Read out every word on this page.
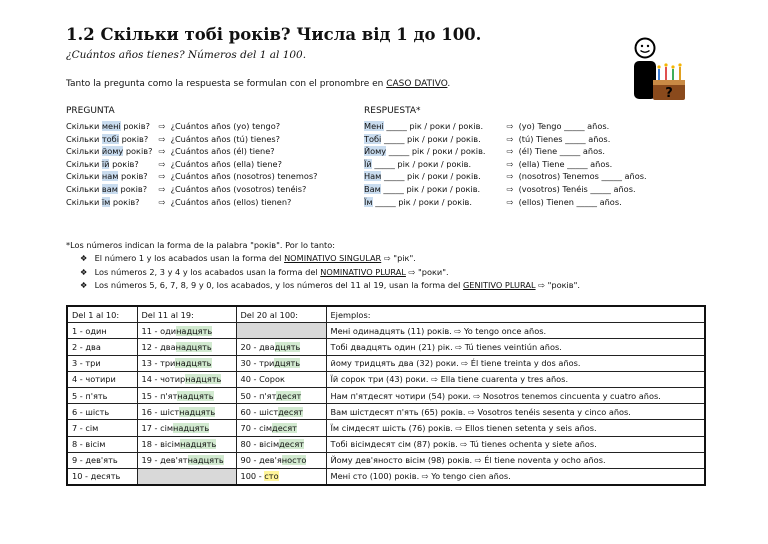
1.2 Скільки тобі років? Числа від 1 до 100.
¿Cuántos años tienes? Números del 1 al 100.
Tanto la pregunta como la respuesta se formulan con el pronombre en CASO DATIVO.
PREGUNTA	RESPUESTA*
Скільки мені років? ⇨ ¿Cuántos años (yo) tengo?
Скільки тобі років? ⇨ ¿Cuántos años (tú) tienes?
Скільки йому років? ⇨ ¿Cuántos años (él) tiene?
Скільки їй років? ⇨ ¿Cuántos años (ella) tiene?
Скільки нам років? ⇨ ¿Cuántos años (nosotros) tenemos?
Скільки вам років? ⇨ ¿Cuántos años (vosotros) tenéis?
Скільки їм років? ⇨ ¿Cuántos años (ellos) tienen?
Мені _____ рік / роки / років.	⇨ (yo) Tengo _____ años.
Тобі _____ рік / роки / років.	⇨ (tú) Tienes _____ años.
Йому _____ рік / роки / років.	⇨ (él) Tiene _____ años.
Їй _____ рік / роки / років.	⇨ (ella) Tiene _____ años.
Нам _____ рік / роки / років.	⇨ (nosotros) Tenemos _____ años.
Вам _____ рік / роки / років.	⇨ (vosotros) Tenéis _____ años.
Їм _____ рік / роки / років.	⇨ (ellos) Tienen _____ años.
*Los números indican la forma de la palabra "років". Por lo tanto:
❖ El número 1 y los acabados usan la forma del NOMINATIVO SINGULAR ⇨ "рік".
❖ Los números 2, 3 y 4 y los acabados usan la forma del NOMINATIVO PLURAL ⇨ "роки".
❖ Los números 5, 6, 7, 8, 9 y 0, los acabados, y los números del 11 al 19, usan la forma del GENITIVO PLURAL ⇨ "років".
Del 1 al 10:	Del 11 al 19:	Del 20 al 100:	Ejemplos:
1 - один	11 - одинадцять		Мені одинадцять (11) років. ⇨ Yo tengo once años.
2 - два	12 - дванадцять	20 - двадцять	Тобі двадцять один (21) рік. ⇨ Tú tienes veintiún años.
3 - три	13 - тринадцять	30 - тридцять	йому тридцять два (32) роки. ⇨ Él tiene treinta y dos años.
4 - чотири	14 - чотирнадцять	40 - Сорок	Їй сорок три (43) роки. ⇨ Ella tiene cuarenta y tres años.
5 - п'ять	15 - п'ятнадцять	50 - п'ятдесят	Нам п'ятдесят чотири (54) роки. ⇨ Nosotros tenemos cincuenta y cuatro años.
6 - шість	16 - шістнадцять	60 - шістдесят	Вам шістдесят п'ять (65) років. ⇨ Vosotros tenéis sesenta y cinco años.
7 - сім	17 - сімнадцять	70 - сімдесят	Їм сімдесят шість (76) років. ⇨ Ellos tienen setenta y seis años.
8 - вісім	18 - вісімнадцять	80 - вісімдесят	Тобі вісімдесят сім (87) років. ⇨ Tú tienes ochenta y siete años.
9 - дев'ять	19 - дев'ятнадцять	90 - дев'яносто	Йому дев'яносто вісім (98) років. ⇨ Él tiene noventa y ocho años.
10 - десять		100 - сто	Мені сто (100) років. ⇨ Yo tengo cien años.
?
